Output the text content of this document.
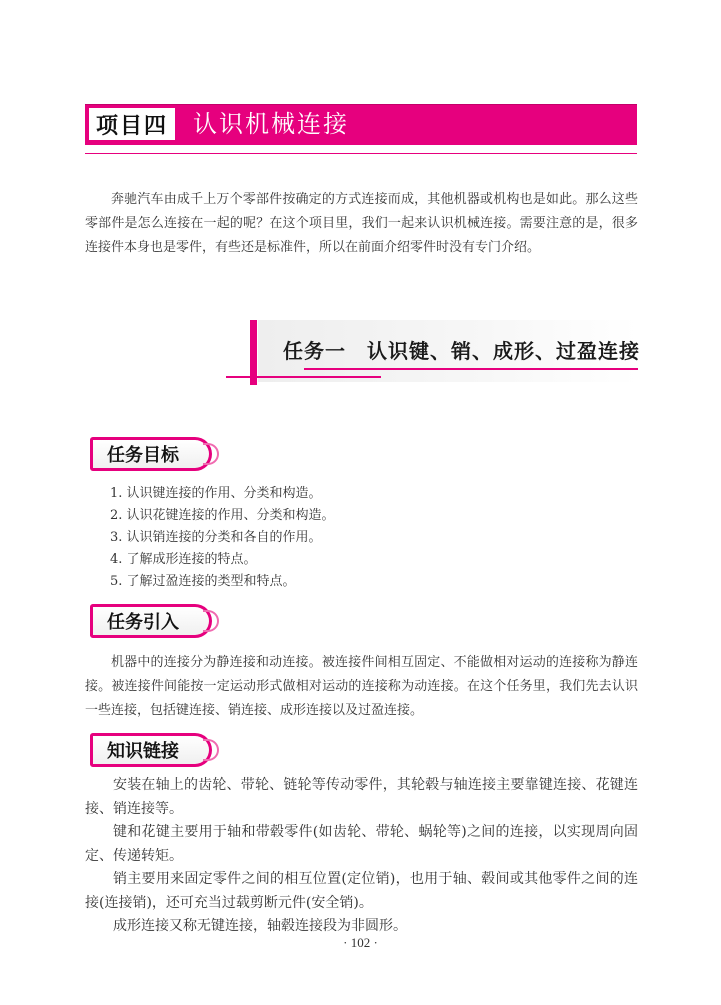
项目四 认识机械连接

奔驰汽车由成千上万个零部件按确定的方式连接而成，其他机器或机构也是如此。那么这些零部件是怎么连接在一起的呢？在这个项目里，我们一起来认识机械连接。需要注意的是，很多连接件本身也是零件，有些还是标准件，所以在前面介绍零件时没有专门介绍。

任务一　认识键、销、成形、过盈连接
任务目标
1. 认识键连接的作用、分类和构造。
2. 认识花键连接的作用、分类和构造。
3. 认识销连接的分类和各自的作用。
4. 了解成形连接的特点。
5. 了解过盈连接的类型和特点。
任务引入

机器中的连接分为静连接和动连接。被连接件间相互固定、不能做相对运动的连接称为静连接。被连接件间能按一定运动形式做相对运动的连接称为动连接。在这个任务里，我们先去认识一些连接，包括键连接、销连接、成形连接以及过盈连接。

知识链接

安装在轴上的齿轮、带轮、链轮等传动零件，其轮毂与轴连接主要靠键连接、花键连接、销连接等。

键和花键主要用于轴和带毂零件(如齿轮、带轮、蜗轮等)之间的连接，以实现周向固定、传递转矩。

销主要用来固定零件之间的相互位置(定位销)，也用于轴、毂间或其他零件之间的连接(连接销)，还可充当过载剪断元件(安全销)。

成形连接又称无键连接，轴毂连接段为非圆形。

· 102 ·
